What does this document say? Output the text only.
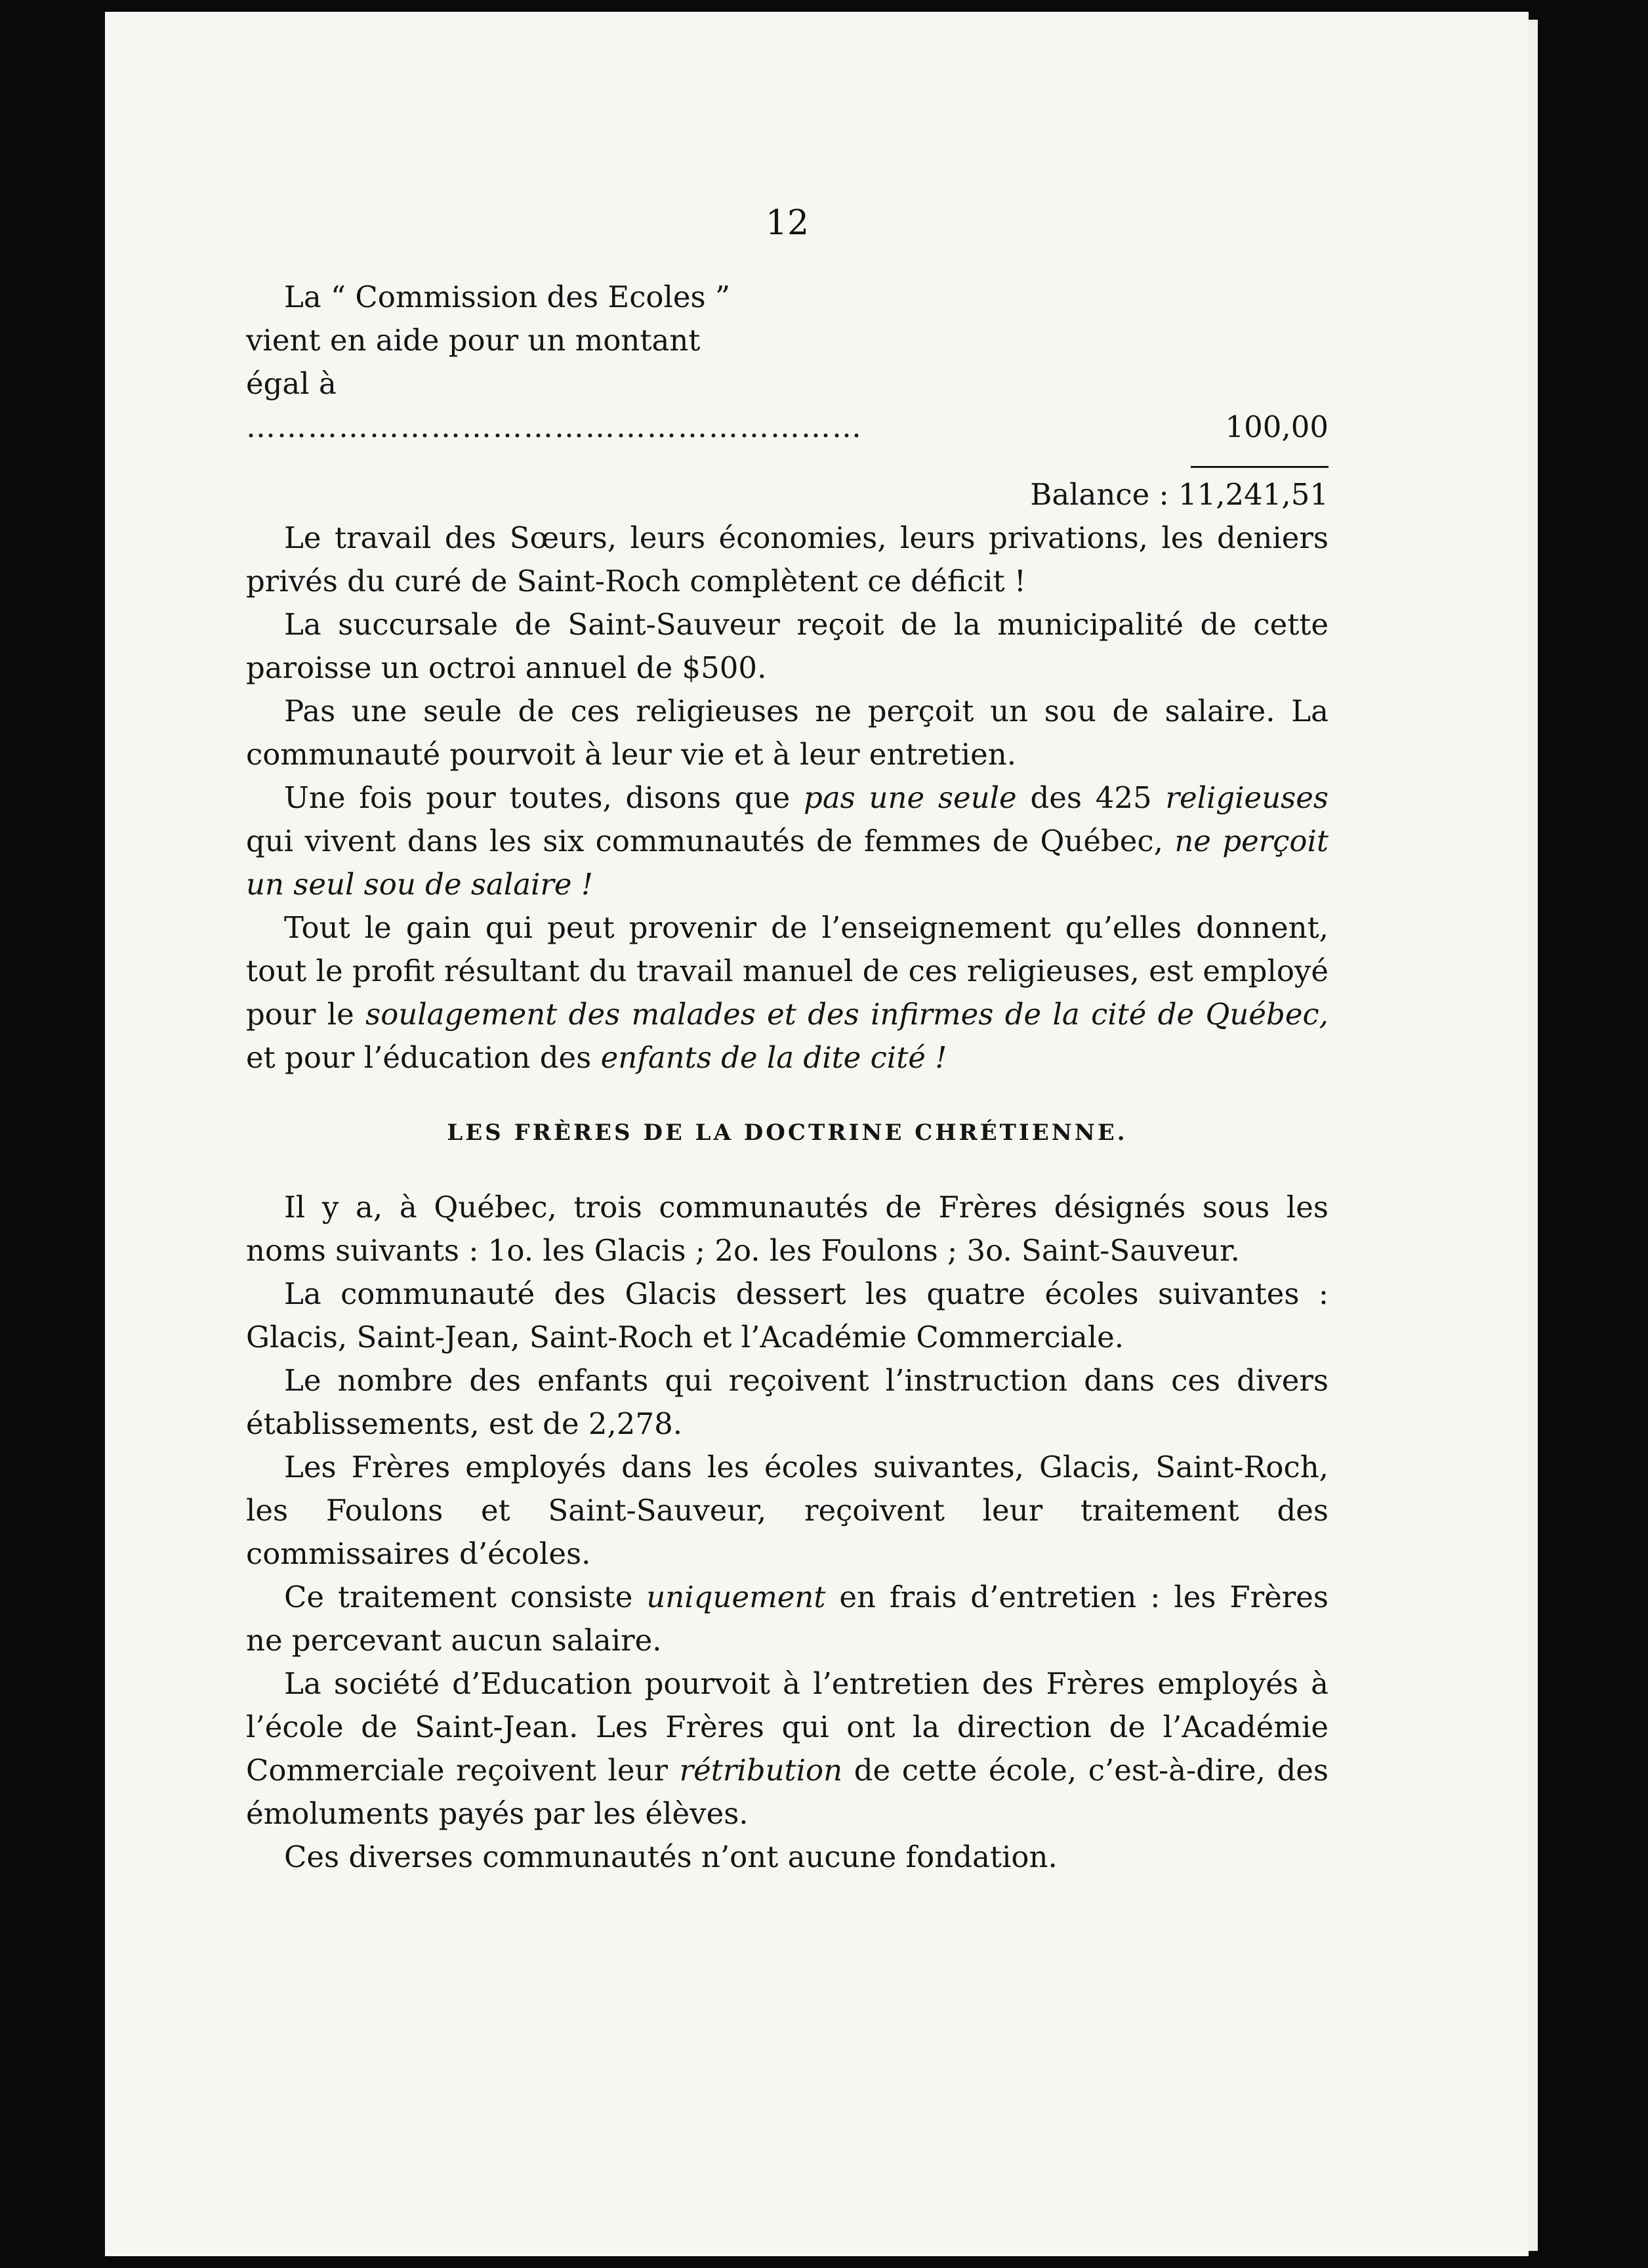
12
La “ Commission des Ecoles ”
vient en aide pour un montant
égal à ……………………………………………………	100,00
Balance : 11,241,51

Le travail des Sœurs, leurs économies, leurs privations, les deniers privés du curé de Saint-Roch complètent ce déficit !

La succursale de Saint-Sauveur reçoit de la municipalité de cette paroisse un octroi annuel de $500.

Pas une seule de ces religieuses ne perçoit un sou de salaire. La communauté pourvoit à leur vie et à leur entretien.

Une fois pour toutes, disons que pas une seule des 425 religieuses qui vivent dans les six communautés de femmes de Québec, ne perçoit un seul sou de salaire !

Tout le gain qui peut provenir de l’enseignement qu’elles donnent, tout le profit résultant du travail manuel de ces religieuses, est employé pour le soulagement des malades et des infirmes de la cité de Québec, et pour l’éducation des enfants de la dite cité !

LES FRÈRES DE LA DOCTRINE CHRÉTIENNE.

Il y a, à Québec, trois communautés de Frères désignés sous les noms suivants : 1o. les Glacis ; 2o. les Foulons ; 3o. Saint-Sauveur.

La communauté des Glacis dessert les quatre écoles suivantes : Glacis, Saint-Jean, Saint-Roch et l’Académie Commerciale.

Le nombre des enfants qui reçoivent l’instruction dans ces divers établissements, est de 2,278.

Les Frères employés dans les écoles suivantes, Glacis, Saint-Roch, les Foulons et Saint-Sauveur, reçoivent leur traitement des commissaires d’écoles.

Ce traitement consiste uniquement en frais d’entretien : les Frères ne percevant aucun salaire.

La société d’Education pourvoit à l’entretien des Frères employés à l’école de Saint-Jean. Les Frères qui ont la direction de l’Académie Commerciale reçoivent leur rétribution de cette école, c’est-à-dire, des émoluments payés par les élèves.

Ces diverses communautés n’ont aucune fondation.
